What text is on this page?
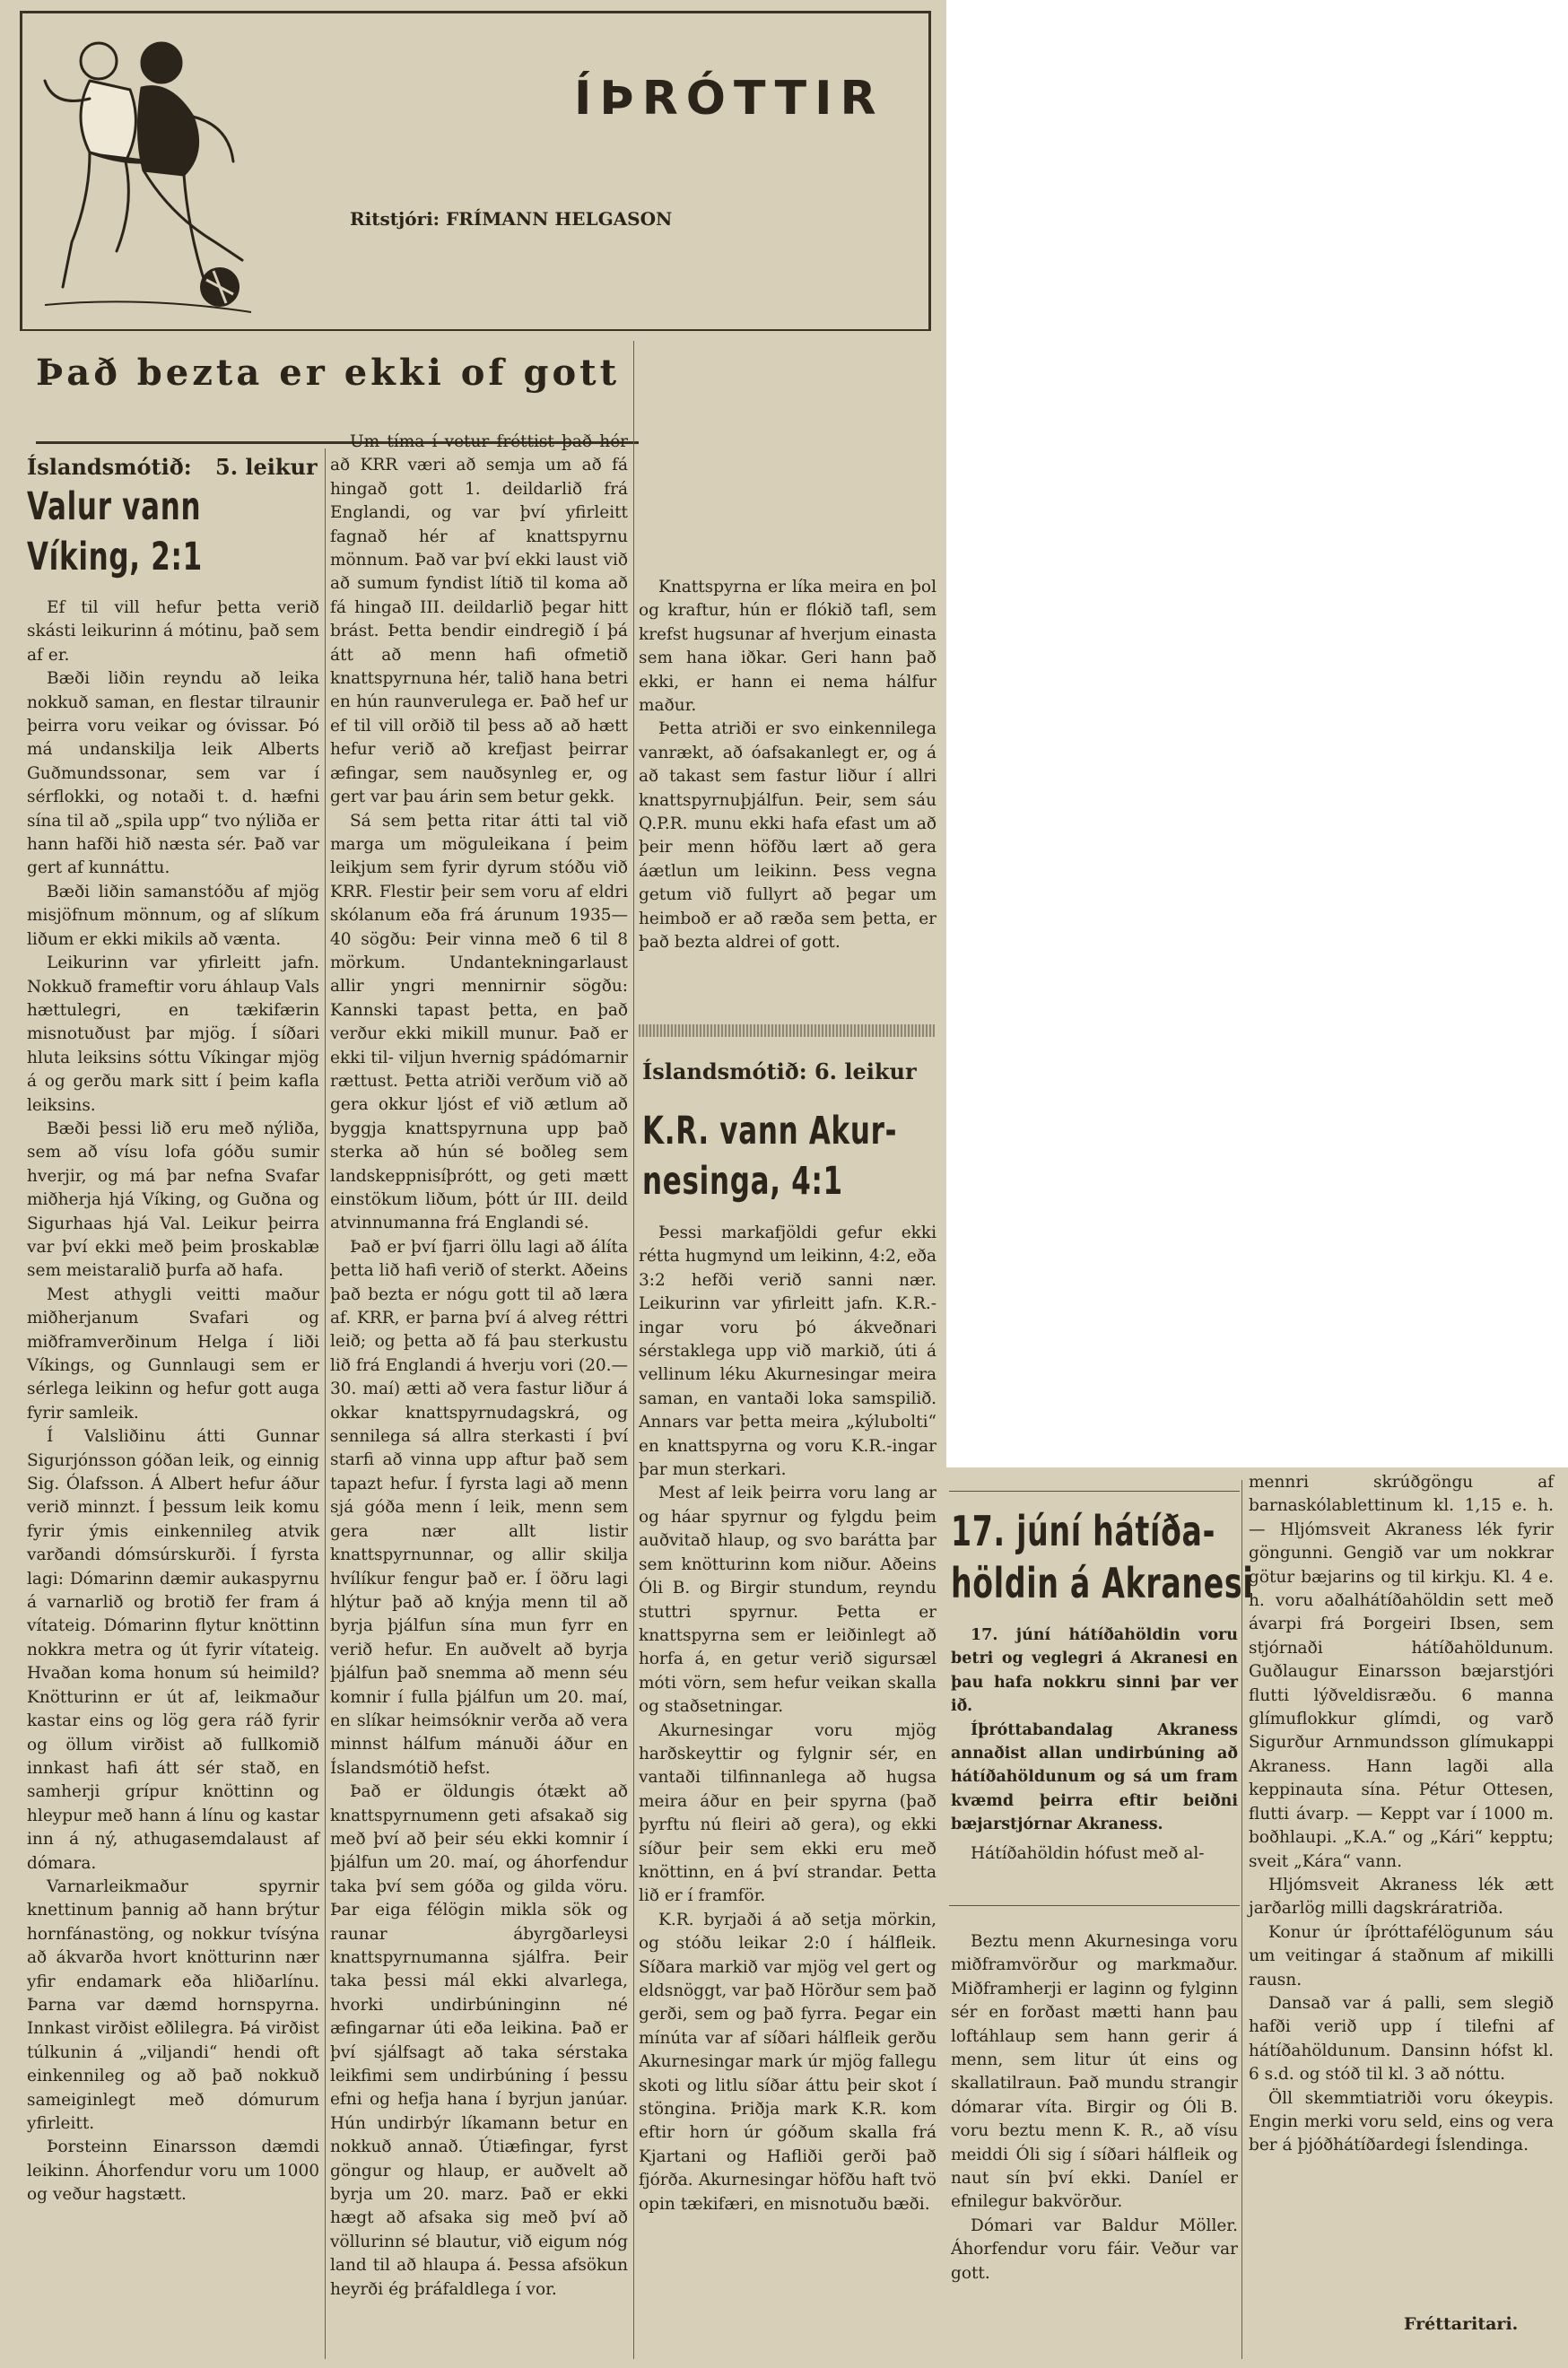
ÍÞRÓTTIR
Ritstjóri: FRÍMANN HELGASON
Það bezta er ekki of gott
Íslandsmótið: 5. leikur
Valur vann
Víking, 2:1

Ef til vill hefur þetta verið skásti leikurinn á mótinu, það sem af er.

Bæði liðin reyndu að leika nokkuð saman, en flestar tilraunir þeirra voru veikar og óvissar. Þó má undanskilja leik Alberts Guðmundssonar, sem var í sérflokki, og notaði t. d. hæfni sína til að „spila upp“ tvo nýliða er hann hafði hið næsta sér. Það var gert af kunnáttu.

Bæði liðin samanstóðu af mjög misjöfnum mönnum, og af slíkum liðum er ekki mikils að vænta.

Leikurinn var yfirleitt jafn. Nokkuð frameftir voru áhlaup Vals hættulegri, en tækifærin misnotuðust þar mjög. Í síðari hluta leiksins sóttu Víkingar mjög á og gerðu mark sitt í þeim kafla leiksins.

Bæði þessi lið eru með nýliða, sem að vísu lofa góðu sumir hverjir, og má þar nefna Svafar miðherja hjá Víking, og Guðna og Sigurhaas hjá Val. Leikur þeirra var því ekki með þeim þroskablæ sem meistaralið þurfa að hafa.

Mest athygli veitti maður miðherjanum Svafari og miðframverðinum Helga í liði Víkings, og Gunnlaugi sem er sérlega leikinn og hefur gott auga fyrir samleik.

Í Valsliðinu átti Gunnar Sigurjónsson góðan leik, og einnig Sig. Ólafsson. Á Albert hefur áður verið minnzt. Í þessum leik komu fyrir ýmis einkennileg atvik varðandi dómsúrskurði. Í fyrsta lagi: Dómarinn dæmir aukaspyrnu á varnarlið og brotið fer fram á vítateig. Dómarinn flytur knöttinn nokkra metra og út fyrir vítateig. Hvaðan koma honum sú heimild? Knötturinn er út af, leikmaður kastar eins og lög gera ráð fyrir og öllum virðist að fullkomið innkast hafi átt sér stað, en samherji grípur knöttinn og hleypur með hann á línu og kastar inn á ný, athugasemdalaust af dómara.

Varnarleikmaður spyrnir knettinum þannig að hann brýtur hornfánastöng, og nokkur tvísýna að ákvarða hvort knötturinn nær yfir endamark eða hliðarlínu. Þarna var dæmd hornspyrna. Innkast virðist eðlilegra. Þá virðist túlkunin á „viljandi“ hendi oft einkennileg og að það nokkuð sameiginlegt með dómurum yfirleitt.

Þorsteinn Einarsson dæmdi leikinn. Áhorfendur voru um 1000 og veður hagstætt.

Um tíma í vetur fréttist það hér að KRR væri að semja um að fá hingað gott 1. deildarlið frá Englandi, og var því yfirleitt fagnað hér af knattspyrnu mönnum. Það var því ekki laust við að sumum fyndist lítið til koma að fá hingað III. deildarlið þegar hitt brást. Þetta bendir eindregið í þá átt að menn hafi ofmetið knattspyrnuna hér, talið hana betri en hún raunverulega er. Það hef ur ef til vill orðið til þess að að hætt hefur verið að krefjast þeirrar æfingar, sem nauðsynleg er, og gert var þau árin sem betur gekk.

Sá sem þetta ritar átti tal við marga um möguleikana í þeim leikjum sem fyrir dyrum stóðu við KRR. Flestir þeir sem voru af eldri skólanum eða frá árunum 1935—40 sögðu: Þeir vinna með 6 til 8 mörkum. Undantekningarlaust allir yngri mennirnir sögðu: Kannski tapast þetta, en það verður ekki mikill munur. Það er ekki til- viljun hvernig spádómarnir rættust. Þetta atriði verðum við að gera okkur ljóst ef við ætlum að byggja knattspyrnuna upp það sterka að hún sé boðleg sem landskeppnisíþrótt, og geti mætt einstökum liðum, þótt úr III. deild atvinnumanna frá Englandi sé.

Það er því fjarri öllu lagi að álíta þetta lið hafi verið of sterkt. Aðeins það bezta er nógu gott til að læra af. KRR, er þarna því á alveg réttri leið; og þetta að fá þau sterkustu lið frá Englandi á hverju vori (20.—30. maí) ætti að vera fastur liður á okkar knattspyrnudagskrá, og sennilega sá allra sterkasti í því starfi að vinna upp aftur það sem tapazt hefur. Í fyrsta lagi að menn sjá góða menn í leik, menn sem gera nær allt listir knattspyrnunnar, og allir skilja hvílíkur fengur það er. Í öðru lagi hlýtur það að knýja menn til að byrja þjálfun sína mun fyrr en verið hefur. En auðvelt að byrja þjálfun það snemma að menn séu komnir í fulla þjálfun um 20. maí, en slíkar heimsóknir verða að vera minnst hálfum mánuði áður en Íslandsmótið hefst.

Það er öldungis ótækt að knattspyrnumenn geti afsakað sig með því að þeir séu ekki komnir í þjálfun um 20. maí, og áhorfendur taka því sem góða og gilda vöru. Þar eiga félögin mikla sök og raunar ábyrgðarleysi knattspyrnumanna sjálfra. Þeir taka þessi mál ekki alvarlega, hvorki undirbúninginn né æfingarnar úti eða leikina. Það er því sjálfsagt að taka sérstaka leikfimi sem undirbúning í þessu efni og hefja hana í byrjun janúar. Hún undirbýr líkamann betur en nokkuð annað. Útiæfingar, fyrst göngur og hlaup, er auðvelt að byrja um 20. marz. Það er ekki hægt að afsaka sig með því að völlurinn sé blautur, við eigum nóg land til að hlaupa á. Þessa afsökun heyrði ég þráfaldlega í vor.

Knattspyrna er líka meira en þol og kraftur, hún er flókið tafl, sem krefst hugsunar af hverjum einasta sem hana iðkar. Geri hann það ekki, er hann ei nema hálfur maður.

Þetta atriði er svo einkennilega vanrækt, að óafsakanlegt er, og á að takast sem fastur liður í allri knattspyrnuþjálfun. Þeir, sem sáu Q.P.R. munu ekki hafa efast um að þeir menn höfðu lært að gera áætlun um leikinn. Þess vegna getum við fullyrt að þegar um heimboð er að ræða sem þetta, er það bezta aldrei of gott.

Íslandsmótið: 6. leikur
K.R. vann Akur-
nesinga, 4:1

Þessi markafjöldi gefur ekki rétta hugmynd um leikinn, 4:2, eða 3:2 hefði verið sanni nær. Leikurinn var yfirleitt jafn. K.R.-ingar voru þó ákveðnari sérstaklega upp við markið, úti á vellinum léku Akurnesingar meira saman, en vantaði loka samspilið. Annars var þetta meira „kýlubolti“ en knattspyrna og voru K.R.-ingar þar mun sterkari.

Mest af leik þeirra voru lang ar og háar spyrnur og fylgdu þeim auðvitað hlaup, og svo barátta þar sem knötturinn kom niður. Aðeins Óli B. og Birgir stundum, reyndu stuttri spyrnur. Þetta er knattspyrna sem er leiðinlegt að horfa á, en getur verið sigursæl móti vörn, sem hefur veikan skalla og staðsetningar.

Akurnesingar voru mjög harðskeyttir og fylgnir sér, en vantaði tilfinnanlega að hugsa meira áður en þeir spyrna (það þyrftu nú fleiri að gera), og ekki síður þeir sem ekki eru með knöttinn, en á því strandar. Þetta lið er í framför.

K.R. byrjaði á að setja mörkin, og stóðu leikar 2:0 í hálfleik. Síðara markið var mjög vel gert og eldsnöggt, var það Hörður sem það gerði, sem og það fyrra. Þegar ein mínúta var af síðari hálfleik gerðu Akurnesingar mark úr mjög fallegu skoti og litlu síðar áttu þeir skot í stöngina. Þriðja mark K.R. kom eftir horn úr góðum skalla frá Kjartani og Hafliði gerði það fjórða. Akurnesingar höfðu haft tvö opin tækifæri, en misnotuðu bæði.

17. júní hátíða-
höldin á Akranesi

17. júní hátíðahöldin voru betri og veglegri á Akranesi en þau hafa nokkru sinni þar ver ið.

Íþróttabandalag Akraness annaðist allan undirbúning að hátíðahöldunum og sá um fram kvæmd þeirra eftir beiðni bæjarstjórnar Akraness.

Hátíðahöldin hófust með al-

Beztu menn Akurnesinga voru miðframvörður og markmaður. Miðframherji er laginn og fylginn sér en forðast mætti hann þau loftáhlaup sem hann gerir á menn, sem litur út eins og skallatilraun. Það mundu strangir dómarar víta. Birgir og Óli B. voru beztu menn K. R., að vísu meiddi Óli sig í síðari hálfleik og naut sín því ekki. Daníel er efnilegur bakvörður.

Dómari var Baldur Möller. Áhorfendur voru fáir. Veður var gott.

mennri skrúðgöngu af barnaskólablettinum kl. 1,15 e. h. — Hljómsveit Akraness lék fyrir göngunni. Gengið var um nokkrar götur bæjarins og til kirkju. Kl. 4 e. h. voru aðalhátíðahöldin sett með ávarpi frá Þorgeiri Ibsen, sem stjórnaði hátíðahöldunum. Guðlaugur Einarsson bæjarstjóri flutti lýðveldisræðu. 6 manna glímuflokkur glímdi, og varð Sigurður Arnmundsson glímukappi Akraness. Hann lagði alla keppinauta sína. Pétur Ottesen, flutti ávarp. — Keppt var í 1000 m. boðhlaupi. „K.A.“ og „Kári“ kepptu; sveit „Kára“ vann.

Hljómsveit Akraness lék ætt jarðarlög milli dagskráratriða.

Konur úr íþróttafélögunum sáu um veitingar á staðnum af mikilli rausn.

Dansað var á palli, sem slegið hafði verið upp í tilefni af hátíðahöldunum. Dansinn hófst kl. 6 s.d. og stóð til kl. 3 að nóttu.

Öll skemmtiatriði voru ókeypis. Engin merki voru seld, eins og vera ber á þjóðhátíðardegi Íslendinga.

Fréttaritari.
